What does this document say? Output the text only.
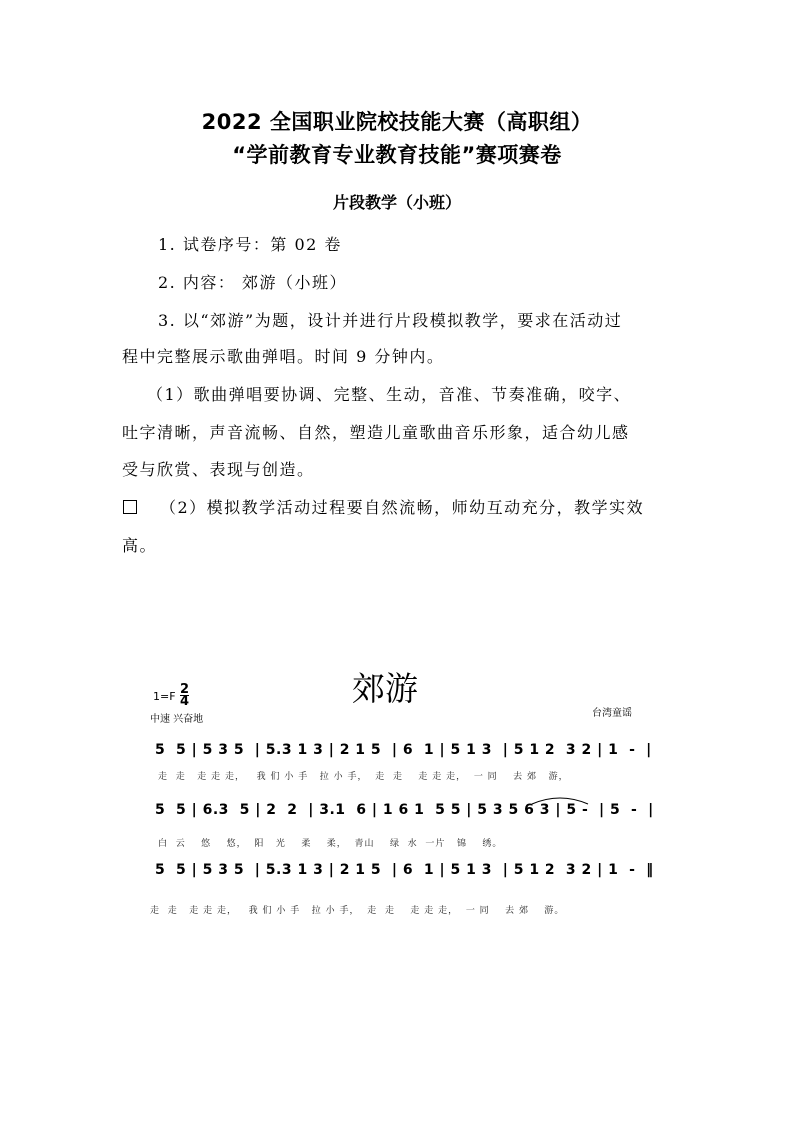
2022 全国职业院校技能大赛（高职组）
“学前教育专业教育技能”赛项赛卷
片段教学（小班）
1. 试卷序号：第 02 卷
2. 内容： 郊游（小班）
3. 以“郊游”为题，设计并进行片段模拟教学，要求在活动过
程中完整展示歌曲弹唱。时间 9 分钟内。
（1）歌曲弹唱要协调、完整、生动，音准、节奏准确，咬字、
吐字清晰，声音流畅、自然，塑造儿童歌曲音乐形象，适合幼儿感
受与欣赏、表现与创造。
（2）模拟教学活动过程要自然流畅，师幼互动充分，教学实效
高。
郊游
1=F 2
4
中速 兴奋地
台湾童谣
5  5 | 5 3 5  | 5.3 1 3 | 2 1 5  | 6  1 | 5 1 3  | 5 1 2  3 2 | 1  -  |
走  走   走 走 走，   我 们 小 手   拉 小 手，  走  走    走 走 走，  一 同    去 郊   游，
5  5 | 6.3  5 | 2  2  | 3.1  6 | 1 6 1  5 5 | 5 3 5 6 3 | 5 -  | 5  -  |
白  云    悠    悠，  阳   光    柔    柔，  青山    绿  水  一片   锦    绣。
5  5 | 5 3 5  | 5.3 1 3 | 2 1 5  | 6  1 | 5 1 3  | 5 1 2  3 2 | 1  -  ‖
走  走   走 走 走，   我 们 小 手   拉 小 手，  走  走    走 走 走，  一 同    去 郊    游。
